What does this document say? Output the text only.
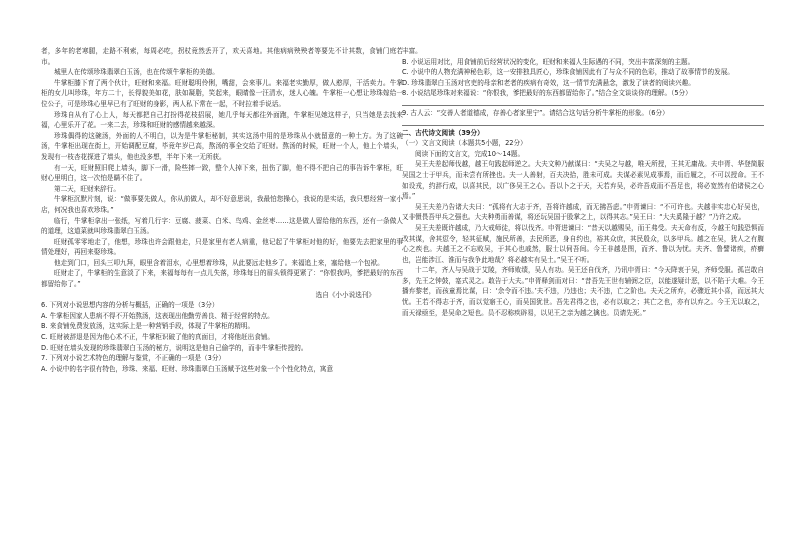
者，多年的老寒腿，走路不利索，每周必吃，拐杖竟然丢开了，欢天喜地。其他病病殃殃者等要先不计其数，食铺门庭若市。

城里人在传颂珍珠翡翠白玉汤，也在传颂牛掌柜的美德。

牛掌柜膝下育了两个伙计，旺财和来福。旺财聪明伶俐，嘴甜，会来事儿。来福老实勤厚，做人憨厚，干活卖力。牛掌柜的女儿叫珍珠，年方二十，长得貌美如花，肤如凝脂，笑起来，眼睛像一汪清水，迷人心魄。牛掌柜一心想让珍珠嫁给一位公子，可是珍珠心里早已有了旺财的身影，两人私下常在一起，不时拉着手说话。

珍珠自从有了心上人，每天都把自己打扮得花枝招展，她几乎每天都往外面跑，牛掌柜见她这样子，只当她是去找来福，心里乐开了花。一来二去，珍珠和旺财的感情越来越深。

珍珠偶得的这碗汤，外面的人不明白，以为是牛掌柜秘制，其实这汤中用的是珍珠从小就留意的一种土方。为了这碗汤，牛掌柜出现在街上，开始调配豆腐，毕竟年岁已高，熬汤的事全交给了旺财。熬汤的时候，旺财一个人，他上个墙头，发现有一枝杏花探进了墙头，他也没多想，半年下来一无所获。

有一天，旺财照旧爬上墙头，脚下一滑，险些摔一跤，整个人掉下来，扭伤了脚，他不得不把自己的事告诉牛掌柜，旺财心里明白，这一次怕是瞒不住了。

第二天，旺财来辞行。

牛掌柜沉默片刻，说：“做事要先做人，你从前做人，却不好意思说，我最怕您操心，我说的是实话，我只想经营一家小店，何况我也喜欢珍珠。”

临行，牛掌柜拿出一张纸，写着几行字：豆腐、菠菜、白米、鸟鸡、金丝枣……这是做人留给他的东西，还有一条做人的道理，这道菜就叫珍珠翡翠白玉汤。

旺财孤零零地走了，他想，珍珠也许会跟他走，只是家里有老人病重，他记起了牛掌柜对他的好，他要先去把家里的事情处理好，再回来娶珍珠。

他走到门口，回头三叩九拜，眼里含着泪水，心里想着珍珠，从此要远走他乡了。来福追上来，塞给他一个包袱。

旺财走了，牛掌柜的生意淡了下来，来福每每有一点儿失落，珍珠每日的眉头锁得更紧了：“你恨我吗，爹把最好的东西都留给你了。”

选自《小小说选刊》

6. 下列对小说思想内容的分析与概括，正确的一项是（3分）

A. 牛掌柜因家人患病不得不开始熬汤，这表现出他勤劳善良、精于经营的特点。

B. 来食铺免费发放汤，这实际上是一种营销手段，体现了牛掌柜的精明。

C. 旺财被辞退是因为他心术不正，牛掌柜识破了他的真面目，才将他赶出食铺。

D. 旺财在墙头发现的珍珠翡翠白玉汤的秘方，说明这是他自己偷学的，而非牛掌柜传授的。

7. 下列对小说艺术特色的理解与鉴赏，不正确的一项是（3分）

A. 小说中的名字很有特色，珍珠、来福、旺财、珍珠翡翠白玉汤赋予这些对象一个个性化特点，寓意

丰富。

B. 小说运用对比，用食铺前后经营状况的变化，旺财和来福人生际遇的不同，突出丰富深刻的主题。

C. 小说中的人物充满神秘色彩，这一安排独具匠心，珍珠食铺因此有了与众不同的色彩，推动了故事情节的发展。

D. 珍珠翡翠白玉汤对官吏的母亲和老者的疾病有奇效，这一情节充满悬念，激发了读者的阅读兴趣。

8. 小说结尾珍珠对来福说：“你恨我，爹把最好的东西都留给你了。”结合全文谈谈你的理解。（5分）

9. 古人云：“交善人者道德成，存善心者家里宁”。请结合这句话分析牛掌柜的形象。（6分）

二、古代诗文阅读（39分）

（一）文言文阅读（本题共5小题，22分）

阅读下面的文言文，完成10～14题。

吴王夫差起师伐越，越王句践起师逆之。大夫文种乃献谋曰：“夫吴之与越，唯天所授，王其无庸战。夫申胥、华登简服吴国之士于甲兵，而未尝有所挫也。夫一人善射，百夫决拾，胜未可成。夫谋必素见成事焉，而后履之，不可以授命。王不如设戎，约辞行成，以喜其民，以广侈吴王之心。吾以卜之于天，天若弃吴，必许吾成而不吾足也，将必宽然有伯诸侯之心焉。”

吴王夫差乃告诸大夫曰：“孤将有大志于齐，吾将许越成，而无拂吾虑。”申胥谏曰：“不可许也。夫越非实忠心好吴也，又非慑畏吾甲兵之强也。大夫种勇而善谋，将还玩吴国于股掌之上，以得其志。”吴王曰：“大夫奚隆于越？”乃许之成。

吴王夫差既许越成，乃大戒师徒，将以伐齐。申胥进谏曰：“昔天以越赐吴，而王弗受。夫天命有反，今越王句践恐惧而改其谋，舍其愆令，轻其征赋，施民所善，去民所恶，身自约也，裕其众庶，其民殷众，以多甲兵。越之在吴，犹人之有腹心之疾也。夫越王之不忘败吴，于其心也戚然，服士以伺吾间。今王非越是图，而齐、鲁以为忧。夫齐、鲁譬诸疾，疥癣也，岂能涉江、淮而与我争此地哉？将必越实有吴土。”吴王不听。

十二年，齐人与吴战于艾陵，齐师败绩，吴人有功。吴王还自伐齐，乃讯申胥曰：“今天降衷于吴，齐师受服。孤岂敢自多，先王之钟鼓，寔式灵之。敢告于大夫。”申胥释剑而对曰：“昔吾先王世有辅弼之臣，以能遂疑计恶，以不陷于大难。今王播弃黎老，而孩童焉比谋，曰：‘余令而不违。’夫不违，乃违也；夫不违，亡之阶也。夫天之所弃，必骤近其小喜，而远其大忧。王若不得志于齐，而以觉寤王心，而吴国犹世。吾先君得之也，必有以取之；其亡之也，亦有以弃之。今王无以取之，而天禄亟至，是吴命之短也。员不忍称疾辟易，以见王之亲为越之擒也。员请先死。”
